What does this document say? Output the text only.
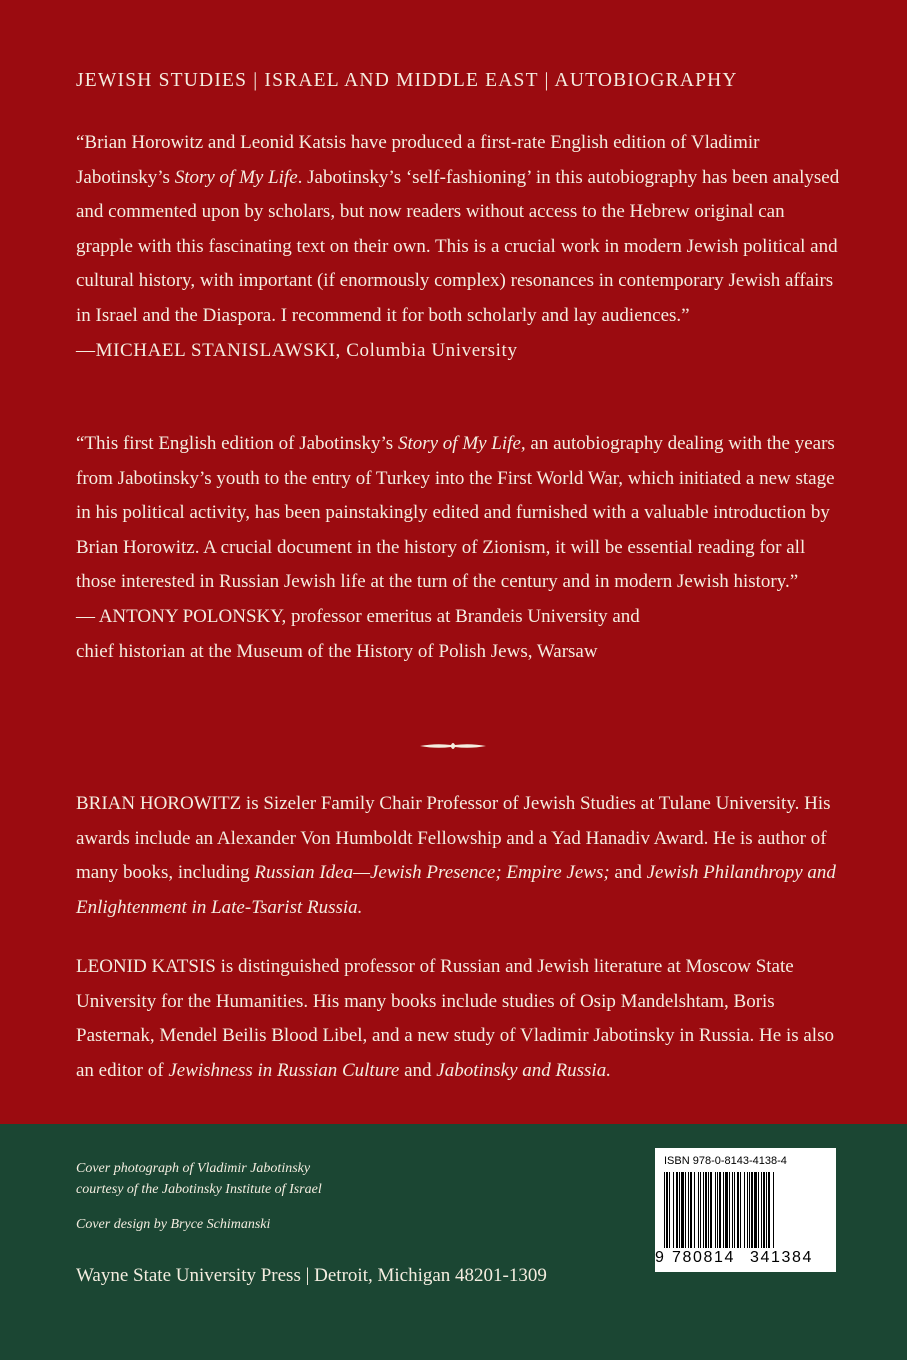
JEWISH STUDIES | ISRAEL AND MIDDLE EAST | AUTOBIOGRAPHY

“Brian Horowitz and Leonid Katsis have produced a first-rate English edition of Vladimir Jabotinsky’s Story of My Life. Jabotinsky’s ‘self-fashioning’ in this autobiography has been analysed and commented upon by scholars, but now readers without access to the Hebrew original can grapple with this fascinating text on their own. This is a crucial work in modern Jewish political and cultural history, with important (if enormously complex) resonances in contemporary Jewish affairs in Israel and the Diaspora. I recommend it for both scholarly and lay audiences.”

—MICHAEL STANISLAWSKI, Columbia University

“This first English edition of Jabotinsky’s Story of My Life, an autobiography dealing with the years from Jabotinsky’s youth to the entry of Turkey into the First World War, which initiated a new stage in his political activity, has been painstakingly edited and furnished with a valuable introduction by Brian Horowitz. A crucial document in the history of Zionism, it will be essential reading for all those interested in Russian Jewish life at the turn of the century and in modern Jewish history.”

— ANTONY POLONSKY, professor emeritus at Brandeis University and

chief historian at the Museum of the History of Polish Jews, Warsaw

BRIAN HOROWITZ is Sizeler Family Chair Professor of Jewish Studies at Tulane University. His awards include an Alexander Von Humboldt Fellowship and a Yad Hanadiv Award. He is author of many books, including Russian Idea—Jewish Presence; Empire Jews; and Jewish Philanthropy and Enlightenment in Late-Tsarist Russia.

LEONID KATSIS is distinguished professor of Russian and Jewish literature at Moscow State University for the Humanities. His many books include studies of Osip Mandelshtam, Boris Pasternak, Mendel Beilis Blood Libel, and a new study of Vladimir Jabotinsky in Russia. He is also an editor of Jewishness in Russian Culture and Jabotinsky and Russia.

Cover photograph of Vladimir Jabotinsky
courtesy of the Jabotinsky Institute of Israel
Cover design by Bryce Schimanski
Wayne State University Press | Detroit, Michigan 48201-1309
ISBN 978-0-8143-4138-4
9 780814 341384
